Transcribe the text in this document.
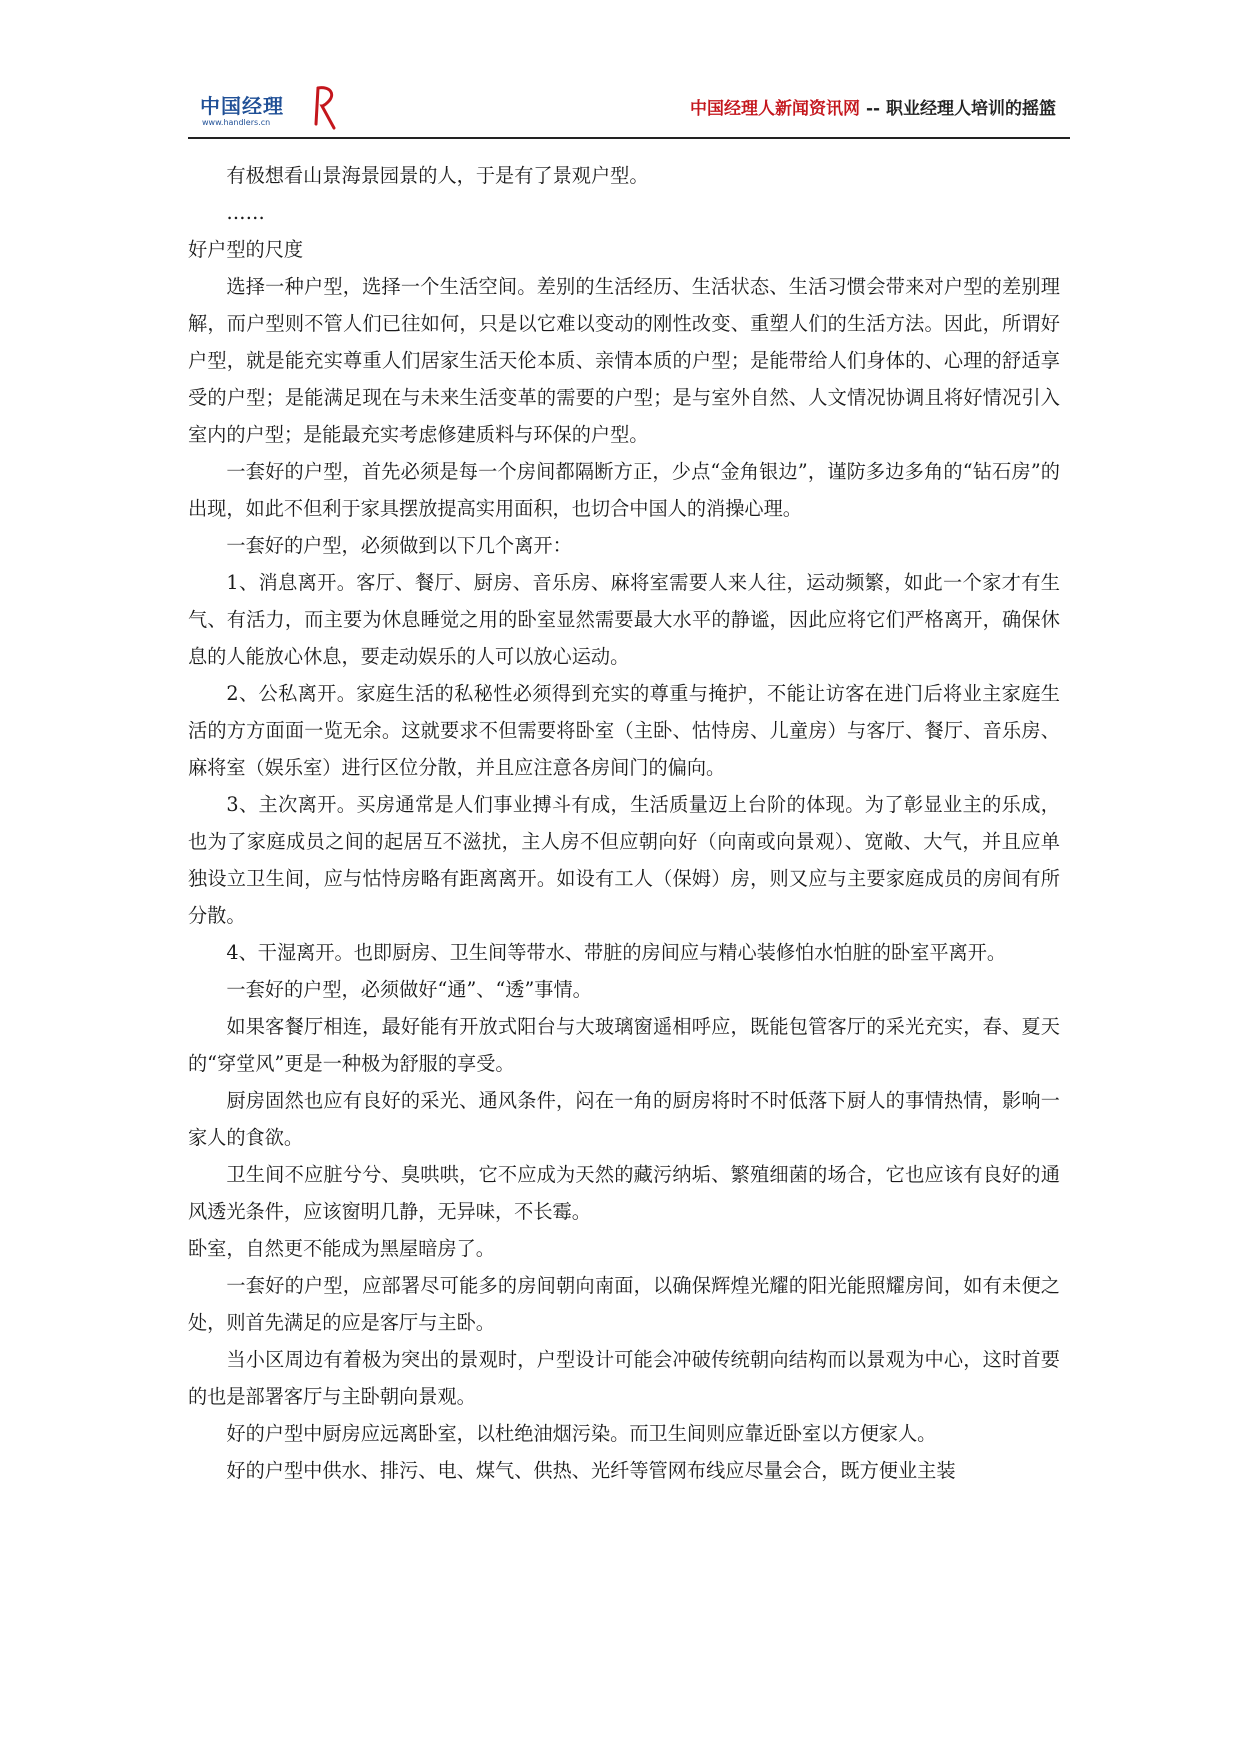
中国经理
www.handlers.cn
中国经理人新闻资讯网 -- 职业经理人培训的摇篮

有极想看山景海景园景的人，于是有了景观户型。

……

好户型的尺度

选择一种户型，选择一个生活空间。差别的生活经历、生活状态、生活习惯会带来对户型的差别理解，而户型则不管人们已往如何，只是以它难以变动的刚性改变、重塑人们的生活方法。因此，所谓好户型，就是能充实尊重人们居家生活天伦本质、亲情本质的户型；是能带给人们身体的、心理的舒适享受的户型；是能满足现在与未来生活变革的需要的户型；是与室外自然、人文情况协调且将好情况引入室内的户型；是能最充实考虑修建质料与环保的户型。

一套好的户型，首先必须是每一个房间都隔断方正，少点“金角银边”，谨防多边多角的“钻石房”的出现，如此不但利于家具摆放提高实用面积，也切合中国人的消操心理。

一套好的户型，必须做到以下几个离开：

1、消息离开。客厅、餐厅、厨房、音乐房、麻将室需要人来人往，运动频繁，如此一个家才有生气、有活力，而主要为休息睡觉之用的卧室显然需要最大水平的静谧，因此应将它们严格离开，确保休息的人能放心休息，要走动娱乐的人可以放心运动。

2、公私离开。家庭生活的私秘性必须得到充实的尊重与掩护，不能让访客在进门后将业主家庭生活的方方面面一览无余。这就要求不但需要将卧室（主卧、怙恃房、儿童房）与客厅、餐厅、音乐房、麻将室（娱乐室）进行区位分散，并且应注意各房间门的偏向。

3、主次离开。买房通常是人们事业搏斗有成，生活质量迈上台阶的体现。为了彰显业主的乐成，也为了家庭成员之间的起居互不滋扰，主人房不但应朝向好（向南或向景观）、宽敞、大气，并且应单独设立卫生间，应与怙恃房略有距离离开。如设有工人（保姆）房，则又应与主要家庭成员的房间有所分散。

4、干湿离开。也即厨房、卫生间等带水、带脏的房间应与精心装修怕水怕脏的卧室平离开。

一套好的户型，必须做好“通”、“透”事情。

如果客餐厅相连，最好能有开放式阳台与大玻璃窗遥相呼应，既能包管客厅的采光充实，春、夏天的“穿堂风”更是一种极为舒服的享受。

厨房固然也应有良好的采光、通风条件，闷在一角的厨房将时不时低落下厨人的事情热情，影响一家人的食欲。

卫生间不应脏兮兮、臭哄哄，它不应成为天然的藏污纳垢、繁殖细菌的场合，它也应该有良好的通风透光条件，应该窗明几静，无异味，不长霉。

卧室，自然更不能成为黑屋暗房了。

一套好的户型，应部署尽可能多的房间朝向南面，以确保辉煌光耀的阳光能照耀房间，如有未便之处，则首先满足的应是客厅与主卧。

当小区周边有着极为突出的景观时，户型设计可能会冲破传统朝向结构而以景观为中心，这时首要的也是部署客厅与主卧朝向景观。

好的户型中厨房应远离卧室，以杜绝油烟污染。而卫生间则应靠近卧室以方便家人。

好的户型中供水、排污、电、煤气、供热、光纤等管网布线应尽量会合，既方便业主装
